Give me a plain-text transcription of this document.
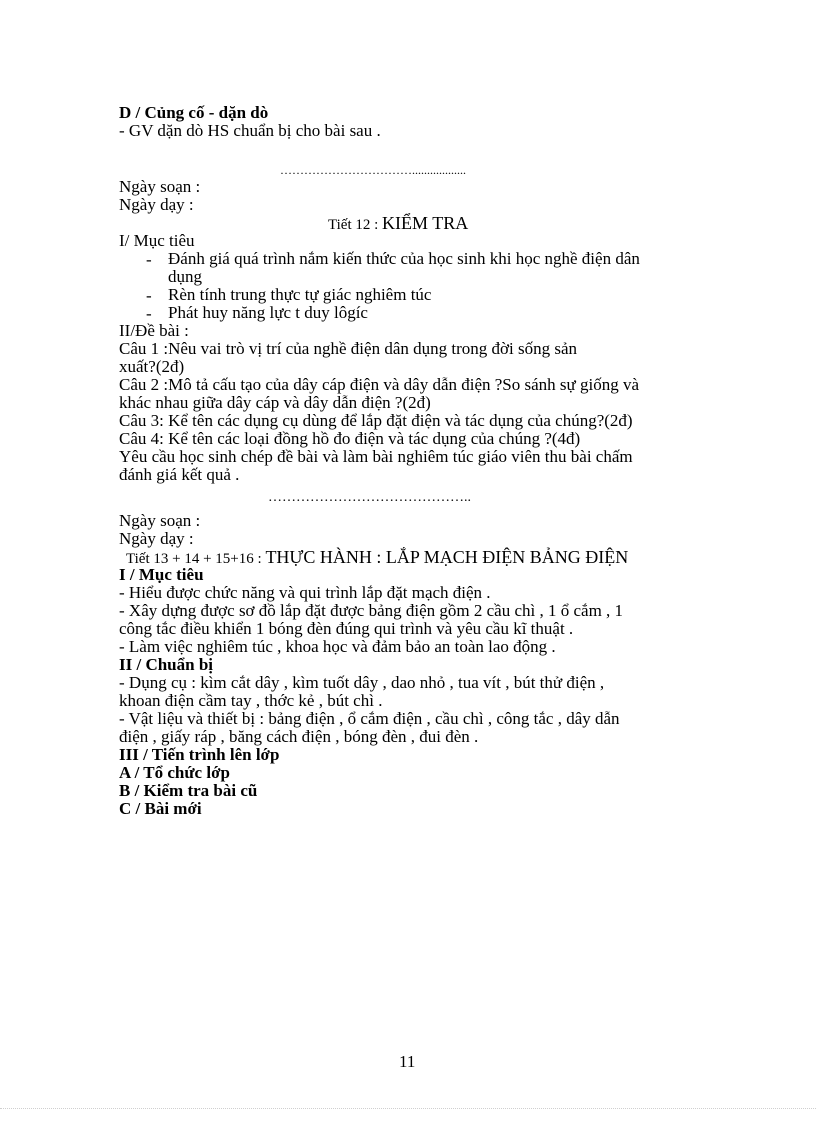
D / Củng cố - dặn dò
- GV dặn dò HS chuẩn bị cho bài sau .
……………………………..................
Ngày soạn :
Ngày dạy :
Tiết 12 : KIỂM TRA
I/ Mục tiêu
- Đánh giá quá trình nắm kiến thức của học sinh khi học nghề điện dân
dụng
- Rèn tính trung thực tự giác nghiêm túc
- Phát huy năng lực t duy lôgíc
II/Đề bài :
Câu 1 :Nêu vai trò vị trí của nghề điện dân dụng trong đời sống sản
xuất?(2đ)
Câu 2 :Mô tả cấu tạo của dây cáp điện và dây dẫn điện ?So sánh sự giống và
khác nhau giữa dây cáp và dây dẫn điện ?(2đ)
Câu 3: Kể tên các dụng cụ dùng để lắp đặt điện và tác dụng của chúng?(2đ)
Câu 4: Kể tên các loại đồng hồ đo điện và tác dụng của chúng ?(4đ)
Yêu cầu học sinh chép đề bài và làm bài nghiêm túc giáo viên thu bài chấm
đánh giá kết quả .
……………………………………..
Ngày soạn :
Ngày dạy :
Tiết 13 + 14 + 15+16 : THỰC HÀNH : LẮP MẠCH ĐIỆN BẢNG ĐIỆN
I / Mục tiêu
- Hiểu được chức năng và qui trình lắp đặt mạch điện .
- Xây dựng được sơ đồ lắp đặt được bảng điện gồm 2 cầu chì , 1 ổ cắm , 1
công tắc điều khiển 1 bóng đèn đúng qui trình và yêu cầu kĩ thuật .
- Làm việc nghiêm túc , khoa học và đảm bảo an toàn lao động .
II / Chuẩn bị
- Dụng cụ : kìm cắt dây , kìm tuốt dây , dao nhỏ , tua vít , bút thử điện ,
khoan điện cầm tay , thớc kẻ , bút chì .
- Vật liệu và thiết bị : bảng điện , ổ cắm điện , cầu chì , công tắc , dây dẫn
điện , giấy ráp , băng cách điện , bóng đèn , đui đèn .
III / Tiến trình lên lớp
A / Tổ chức lớp
B / Kiểm tra bài cũ
C / Bài mới
11
